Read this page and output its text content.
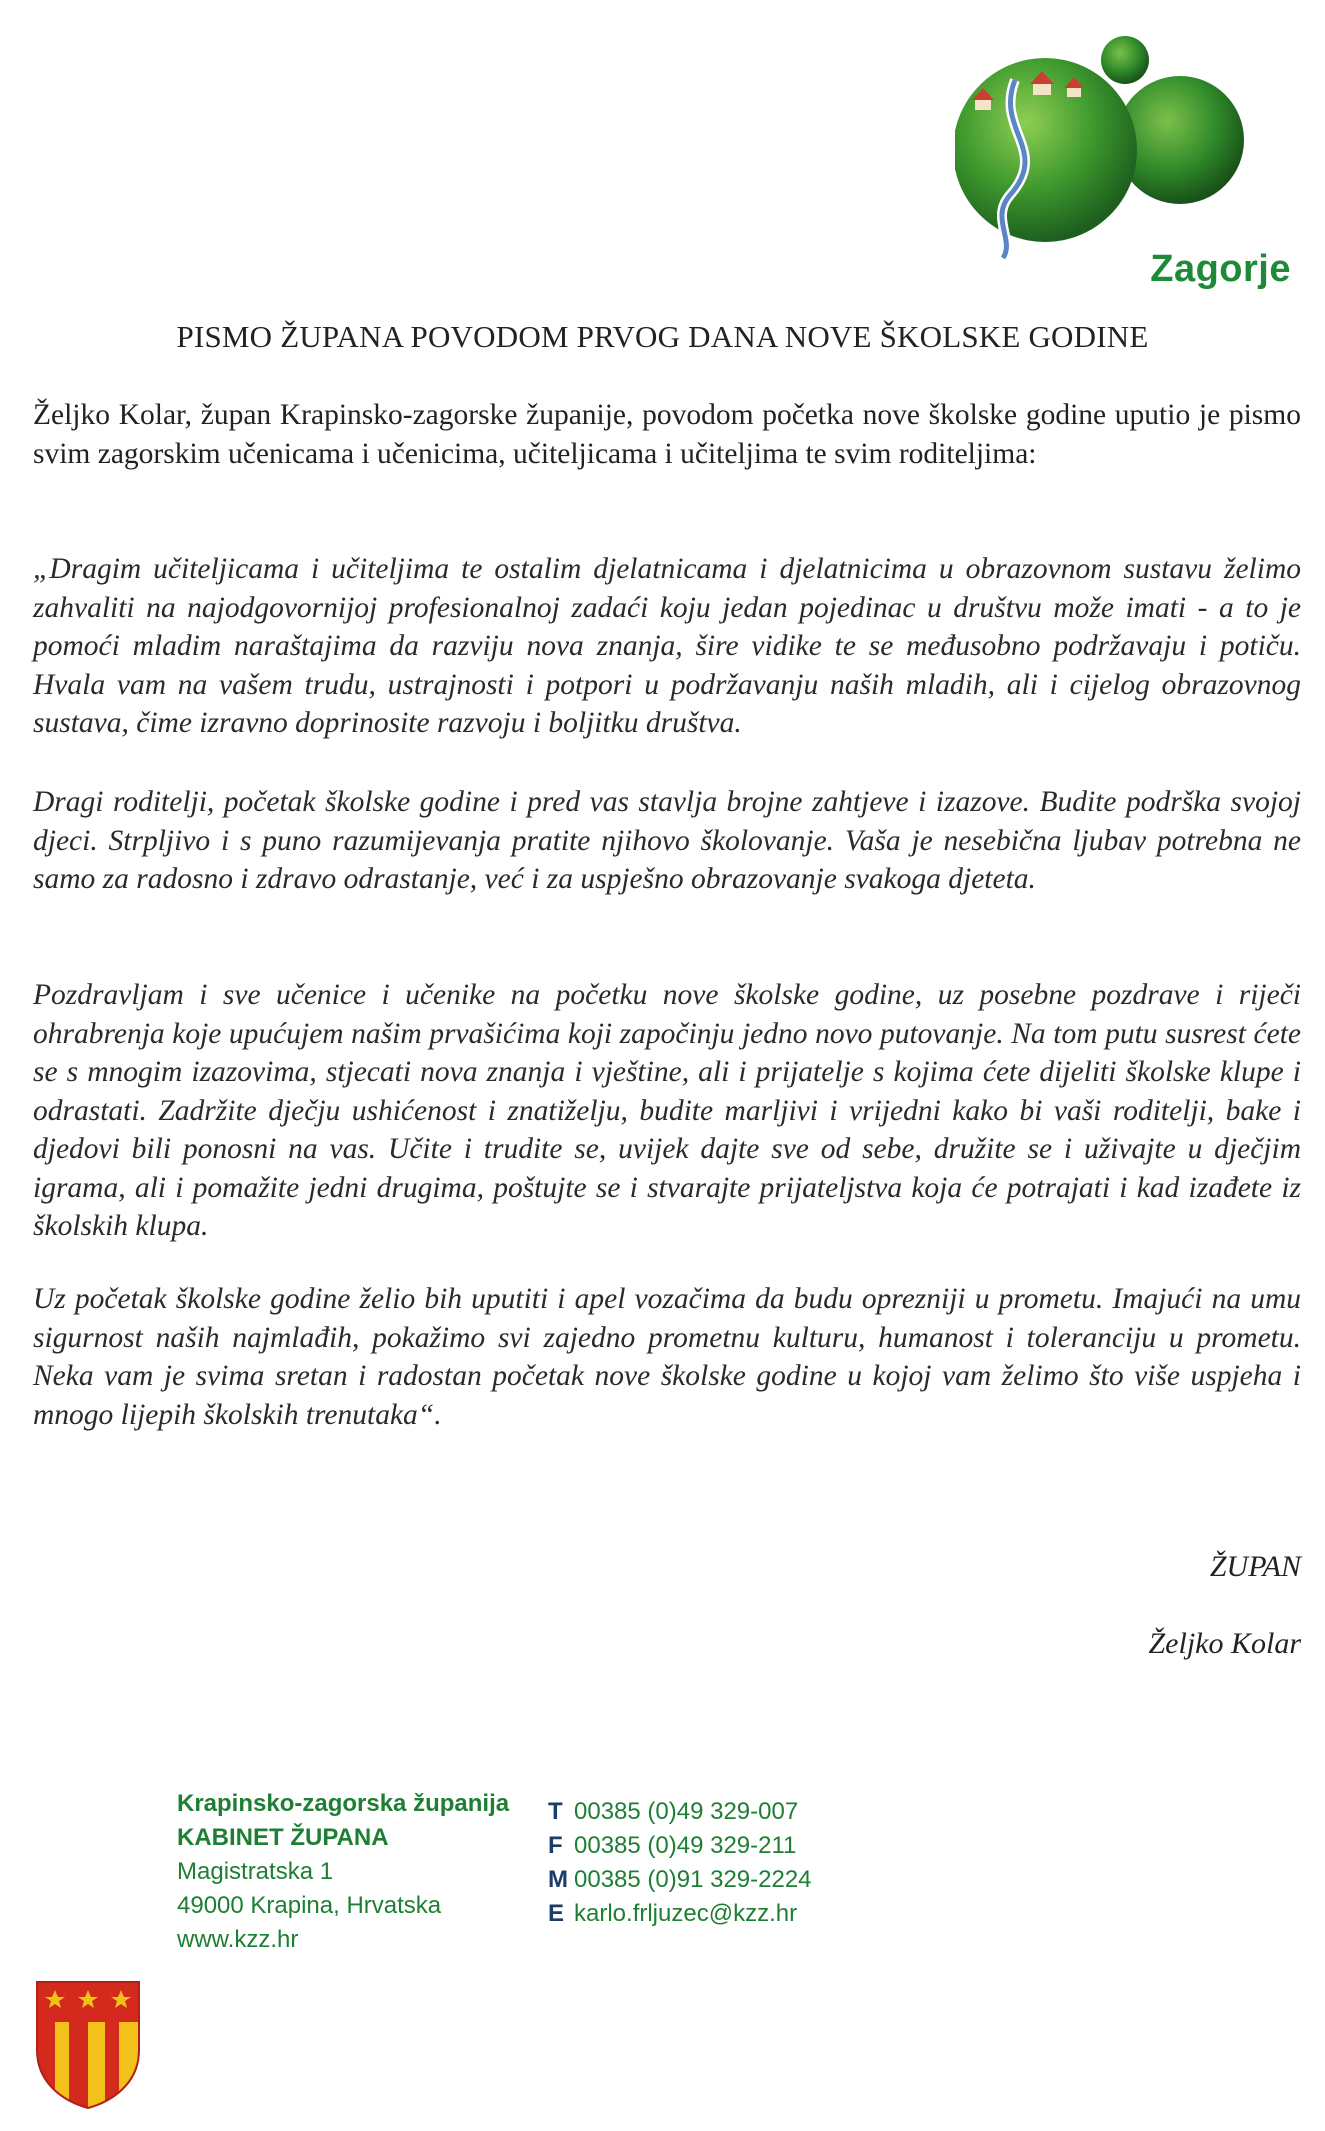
Zagorje
PISMO ŽUPANA POVODOM PRVOG DANA NOVE ŠKOLSKE GODINE
Željko Kolar, župan Krapinsko-zagorske županije, povodom početka nove školske godine uputio je pismo svim zagorskim učenicama i učenicima, učiteljicama i učiteljima te svim roditeljima:
„Dragim učiteljicama i učiteljima te ostalim djelatnicama i djelatnicima u obrazovnom sustavu želimo zahvaliti na najodgovornijoj profesionalnoj zadaći koju jedan pojedinac u društvu može imati - a to je pomoći mladim naraštajima da razviju nova znanja, šire vidike te se međusobno podržavaju i potiču. Hvala vam na vašem trudu, ustrajnosti i potpori u podržavanju naših mladih, ali i cijelog obrazovnog sustava, čime izravno doprinosite razvoju i boljitku društva.
Dragi roditelji, početak školske godine i pred vas stavlja brojne zahtjeve i izazove. Budite podrška svojoj djeci. Strpljivo i s puno razumijevanja pratite njihovo školovanje. Vaša je nesebična ljubav potrebna ne samo za radosno i zdravo odrastanje, već i za uspješno obrazovanje svakoga djeteta.
Pozdravljam i sve učenice i učenike na početku nove školske godine, uz posebne pozdrave i riječi ohrabrenja koje upućujem našim prvašićima koji započinju jedno novo putovanje. Na tom putu susrest ćete se s mnogim izazovima, stjecati nova znanja i vještine, ali i prijatelje s kojima ćete dijeliti školske klupe i odrastati. Zadržite dječju ushićenost i znatiželju, budite marljivi i vrijedni kako bi vaši roditelji, bake i djedovi bili ponosni na vas. Učite i trudite se, uvijek dajte sve od sebe, družite se i uživajte u dječjim igrama, ali i pomažite jedni drugima, poštujte se i stvarajte prijateljstva koja će potrajati i kad izađete iz školskih klupa.
Uz početak školske godine želio bih uputiti i apel vozačima da budu oprezniji u prometu. Imajući na umu sigurnost naših najmlađih, pokažimo svi zajedno prometnu kulturu, humanost i toleranciju u prometu. Neka vam je svima sretan i radostan početak nove školske godine u kojoj vam želimo što više uspjeha i mnogo lijepih školskih trenutaka“.
ŽUPAN
Željko Kolar
Krapinsko-zagorska županija
KABINET ŽUPANA
Magistratska 1
49000 Krapina, Hrvatska
www.kzz.hr
T 00385 (0)49 329-007
F 00385 (0)49 329-211
M 00385 (0)91 329-2224
E karlo.frljuzec@kzz.hr
